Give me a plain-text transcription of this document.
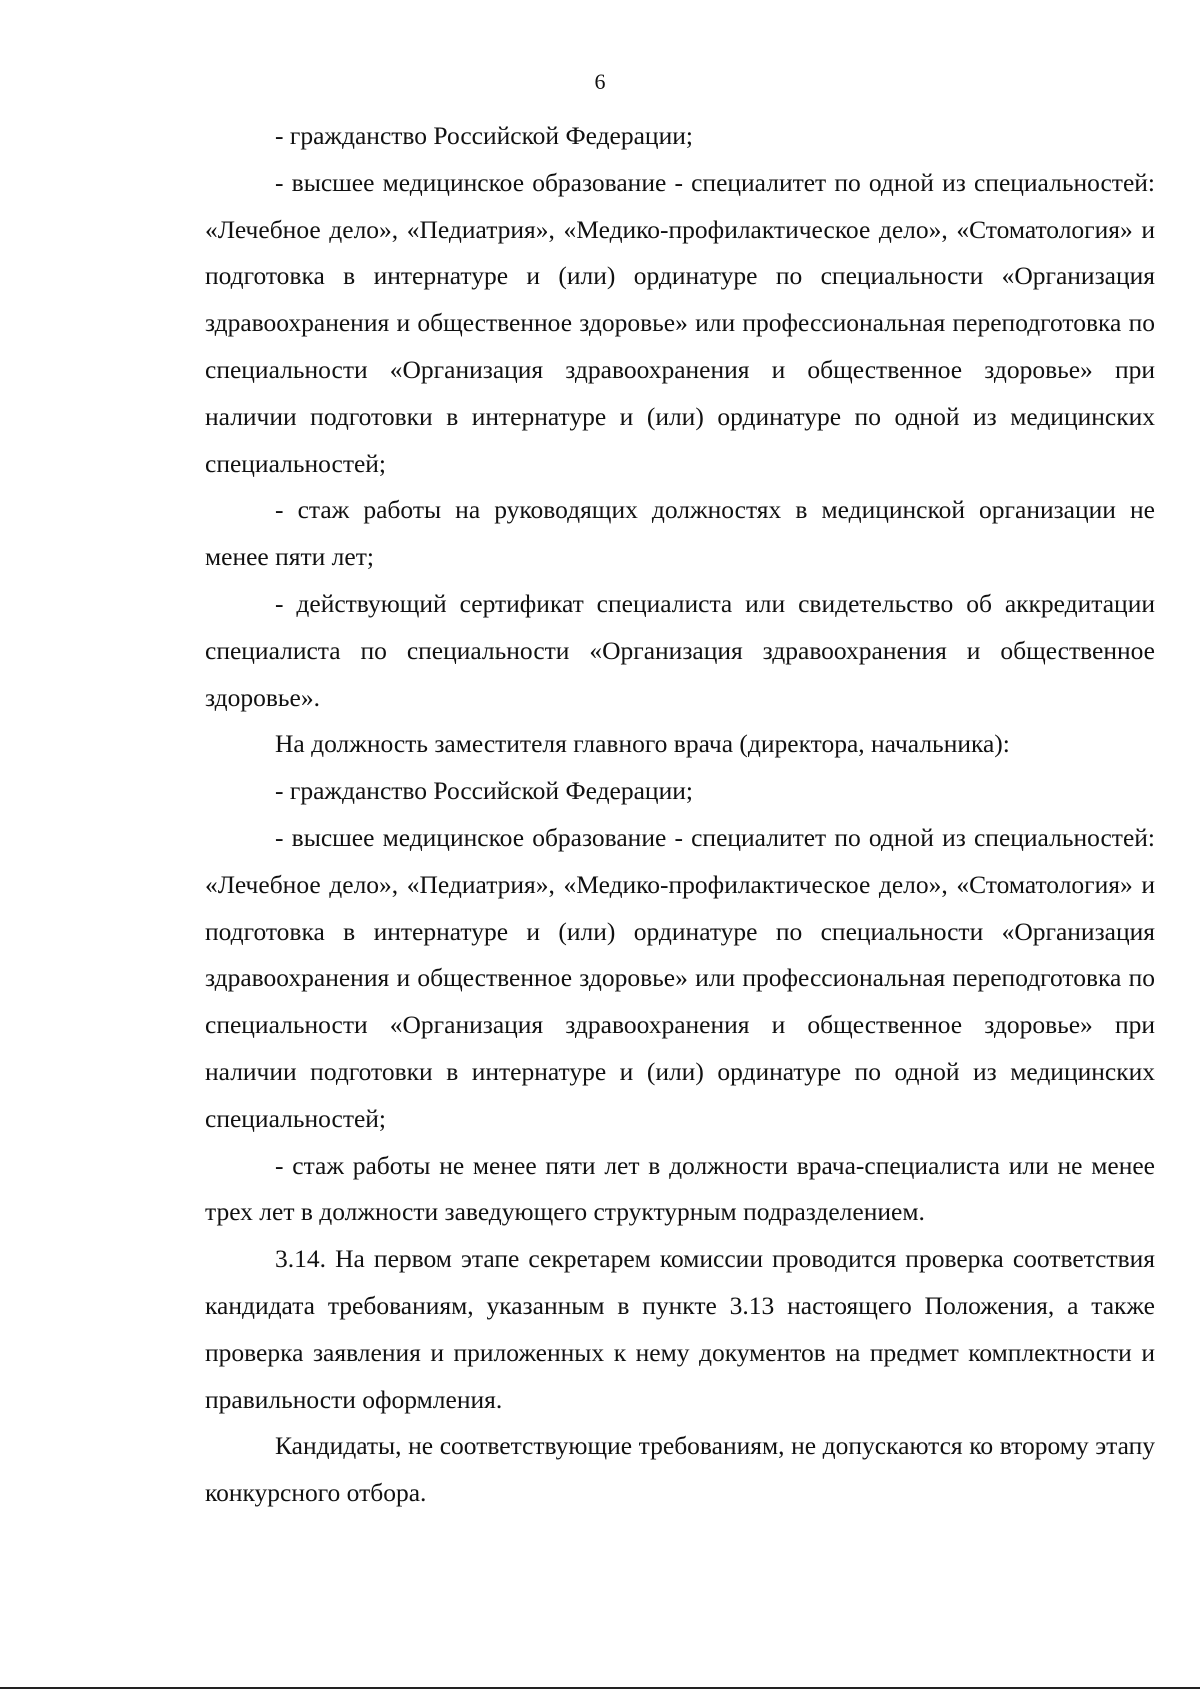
6

- гражданство Российской Федерации;

- высшее медицинское образование - специалитет по одной из специальностей: «Лечебное дело», «Педиатрия», «Медико-профилактическое дело», «Стоматология» и подготовка в интернатуре и (или) ординатуре по специальности «Организация здравоохранения и общественное здоровье» или профессиональная переподготовка по специальности «Организация здравоохранения и общественное здоровье» при наличии подготовки в интернатуре и (или) ординатуре по одной из медицинских специальностей;

- стаж работы на руководящих должностях в медицинской организации не менее пяти лет;

- действующий сертификат специалиста или свидетельство об аккредитации специалиста по специальности «Организация здравоохранения и общественное здоровье».

На должность заместителя главного врача (директора, начальника):

- гражданство Российской Федерации;

- высшее медицинское образование - специалитет по одной из специальностей: «Лечебное дело», «Педиатрия», «Медико-профилактическое дело», «Стоматология» и подготовка в интернатуре и (или) ординатуре по специальности «Организация здравоохранения и общественное здоровье» или профессиональная переподготовка по специальности «Организация здравоохранения и общественное здоровье» при наличии подготовки в интернатуре и (или) ординатуре по одной из медицинских специальностей;

- стаж работы не менее пяти лет в должности врача-специалиста или не менее трех лет в должности заведующего структурным подразделением.

3.14. На первом этапе секретарем комиссии проводится проверка соответствия кандидата требованиям, указанным в пункте 3.13 настоящего Положения, а также проверка заявления и приложенных к нему документов на предмет комплектности и правильности оформления.

Кандидаты, не соответствующие требованиям, не допускаются ко второму этапу конкурсного отбора.
